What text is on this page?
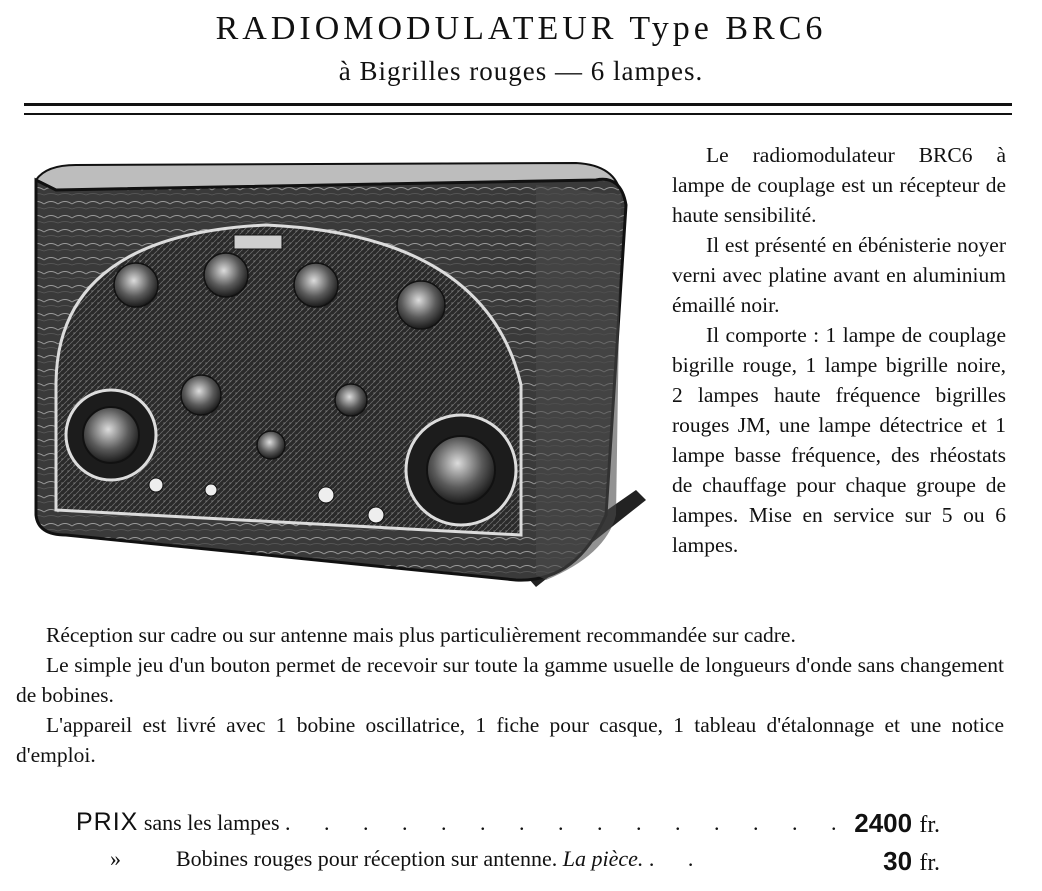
RADIOMODULATEUR Type BRC6
à Bigrilles rouges — 6 lampes.

Le radiomodulateur BRC6 à lampe de couplage est un récepteur de haute sensibilité.

Il est présenté en ébénisterie noyer verni avec platine avant en aluminium émaillé noir.

Il comporte : 1 lampe de couplage bigrille rouge, 1 lampe bigrille noire, 2 lampes haute fréquence bigrilles rouges JM, une lampe détectrice et 1 lampe basse fréquence, des rhéostats de chauffage pour chaque groupe de lampes. Mise en service sur 5 ou 6 lampes.

Réception sur cadre ou sur antenne mais plus particulièrement recommandée sur cadre.

Le simple jeu d'un bouton permet de recevoir sur toute la gamme usuelle de longueurs d'onde sans changement de bobines.

L'appareil est livré avec 1 bobine oscillatrice, 1 fiche pour casque, 1 tableau d'étalonnage et une notice d'emploi.

PRIX sans les lampes . . . . . . . . . . . . . . . 2400 fr.
»	Bobines rouges pour réception sur antenne. La pièce. . .	30 fr.
